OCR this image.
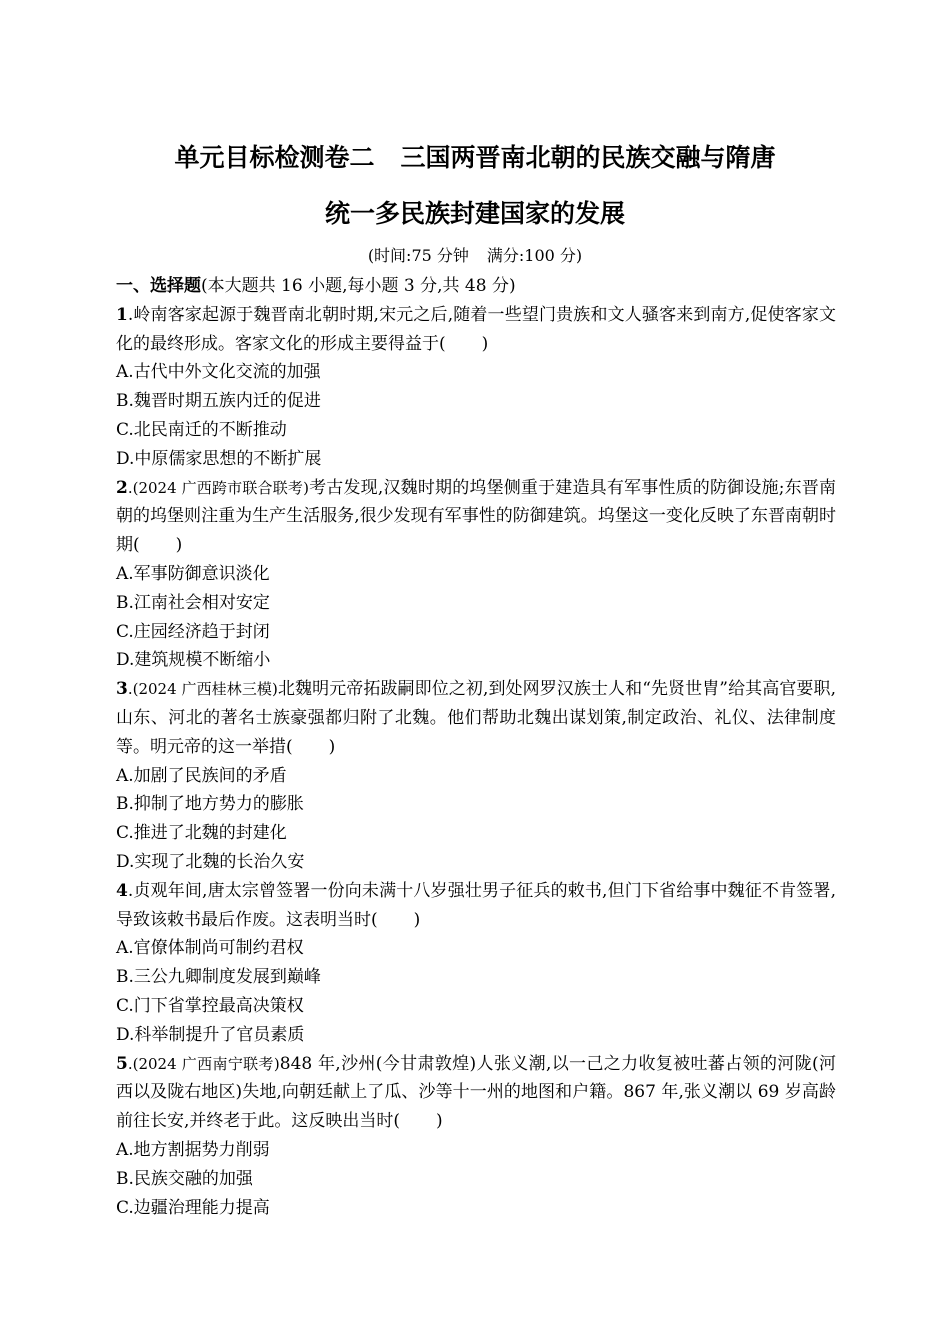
单元目标检测卷二 三国两晋南北朝的民族交融与隋唐
统一多民族封建国家的发展
(时间:75 分钟 满分:100 分)
一、选择题(本大题共 16 小题,每小题 3 分,共 48 分)
1.岭南客家起源于魏晋南北朝时期,宋元之后,随着一些望门贵族和文人骚客来到南方,促使客家文化的最终形成。客家文化的形成主要得益于( )
A.古代中外文化交流的加强
B.魏晋时期五族内迁的促进
C.北民南迁的不断推动
D.中原儒家思想的不断扩展
2.(2024 广西跨市联合联考)考古发现,汉魏时期的坞堡侧重于建造具有军事性质的防御设施;东晋南朝的坞堡则注重为生产生活服务,很少发现有军事性的防御建筑。坞堡这一变化反映了东晋南朝时期( )
A.军事防御意识淡化
B.江南社会相对安定
C.庄园经济趋于封闭
D.建筑规模不断缩小
3.(2024 广西桂林三模)北魏明元帝拓跋嗣即位之初,到处网罗汉族士人和“先贤世胄”给其高官要职,山东、河北的著名士族豪强都归附了北魏。他们帮助北魏出谋划策,制定政治、礼仪、法律制度等。明元帝的这一举措( )
A.加剧了民族间的矛盾
B.抑制了地方势力的膨胀
C.推进了北魏的封建化
D.实现了北魏的长治久安
4.贞观年间,唐太宗曾签署一份向未满十八岁强壮男子征兵的敕书,但门下省给事中魏征不肯签署,导致该敕书最后作废。这表明当时( )
A.官僚体制尚可制约君权
B.三公九卿制度发展到巅峰
C.门下省掌控最高决策权
D.科举制提升了官员素质
5.(2024 广西南宁联考)848 年,沙州(今甘肃敦煌)人张义潮,以一己之力收复被吐蕃占领的河陇(河西以及陇右地区)失地,向朝廷献上了瓜、沙等十一州的地图和户籍。867 年,张义潮以 69 岁高龄前往长安,并终老于此。这反映出当时( )
A.地方割据势力削弱
B.民族交融的加强
C.边疆治理能力提高
